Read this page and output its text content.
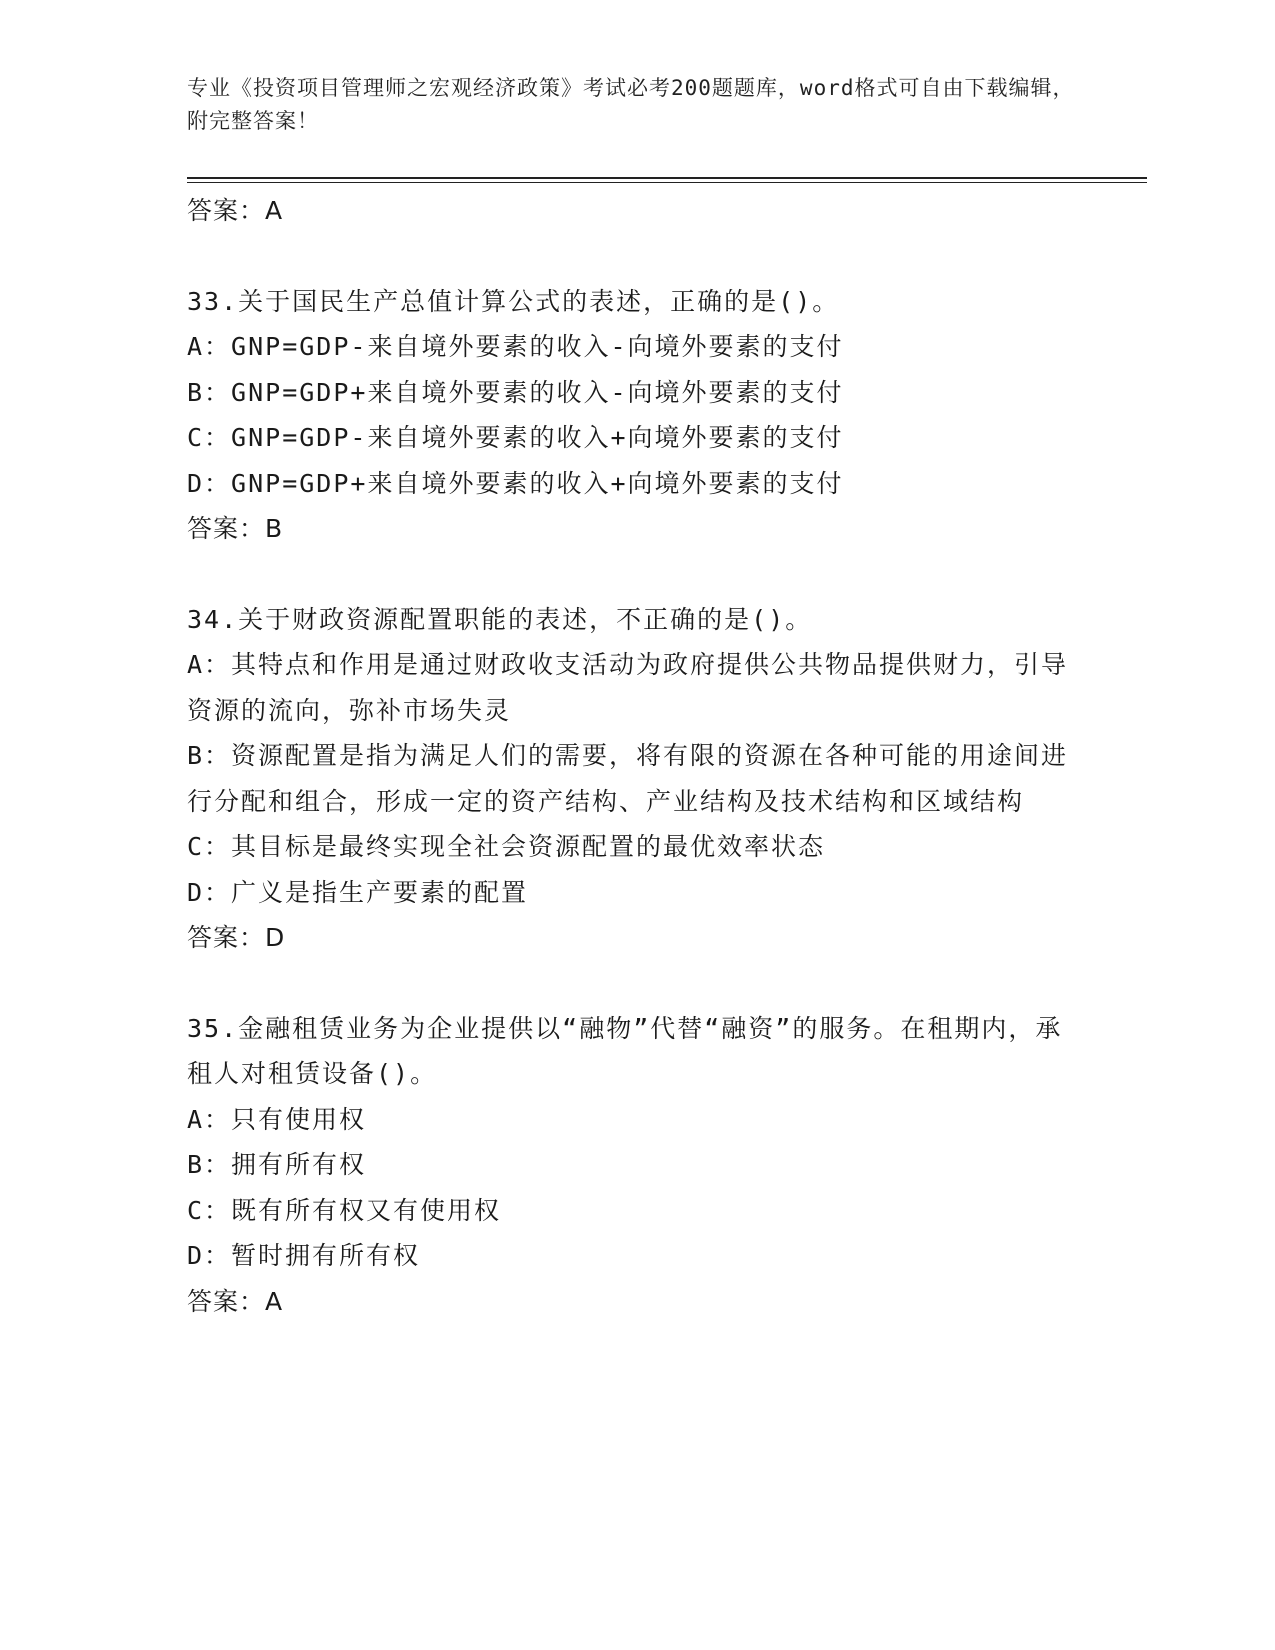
专业《投资项目管理师之宏观经济政策》考试必考200题题库，word格式可自由下载编辑，附完整答案！
答案：A
33.关于国民生产总值计算公式的表述，正确的是()。
A：GNP=GDP-来自境外要素的收入-向境外要素的支付
B：GNP=GDP+来自境外要素的收入-向境外要素的支付
C：GNP=GDP-来自境外要素的收入+向境外要素的支付
D：GNP=GDP+来自境外要素的收入+向境外要素的支付
答案：B
34.关于财政资源配置职能的表述，不正确的是()。
A：其特点和作用是通过财政收支活动为政府提供公共物品提供财力，引导资源的流向，弥补市场失灵
B：资源配置是指为满足人们的需要，将有限的资源在各种可能的用途间进行分配和组合，形成一定的资产结构、产业结构及技术结构和区域结构
C：其目标是最终实现全社会资源配置的最优效率状态
D：广义是指生产要素的配置
答案：D
35.金融租赁业务为企业提供以“融物”代替“融资”的服务。在租期内，承租人对租赁设备()。
A：只有使用权
B：拥有所有权
C：既有所有权又有使用权
D：暂时拥有所有权
答案：A
